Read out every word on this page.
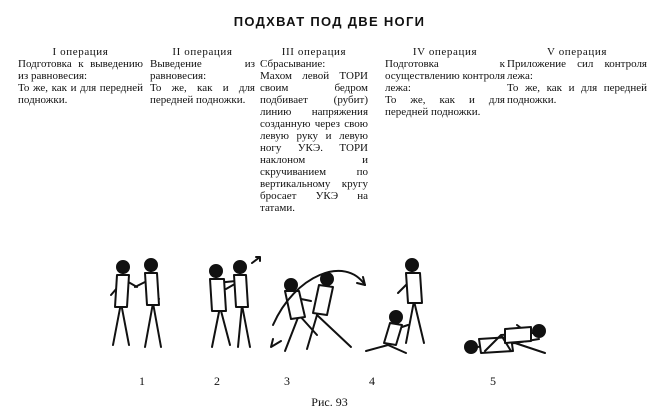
ПОДХВАТ ПОД ДВЕ НОГИ
I операция
Подготовка к выведению из равновесия:
То же, как и для передней подножки.
II операция
Выведение из равновесия:
То же, как и для передней подножки.
III операция
Сбрасывание:
Махом левой ТОРИ своим бедром подбивает (рубит) линию напряжения созданную через свою левую руку и левую ногу УКЭ. ТОРИ наклоном и скручиванием по вертикальному кругу бросает УКЭ на татами.
IV операция
Подготовка к осуществлению контроля лежа:
То же, как и для передней подножки.
V операция
Приложение сил контроля лежа:
То же, как и для передней подножки.
1	2	3	4	5
Рис. 93
